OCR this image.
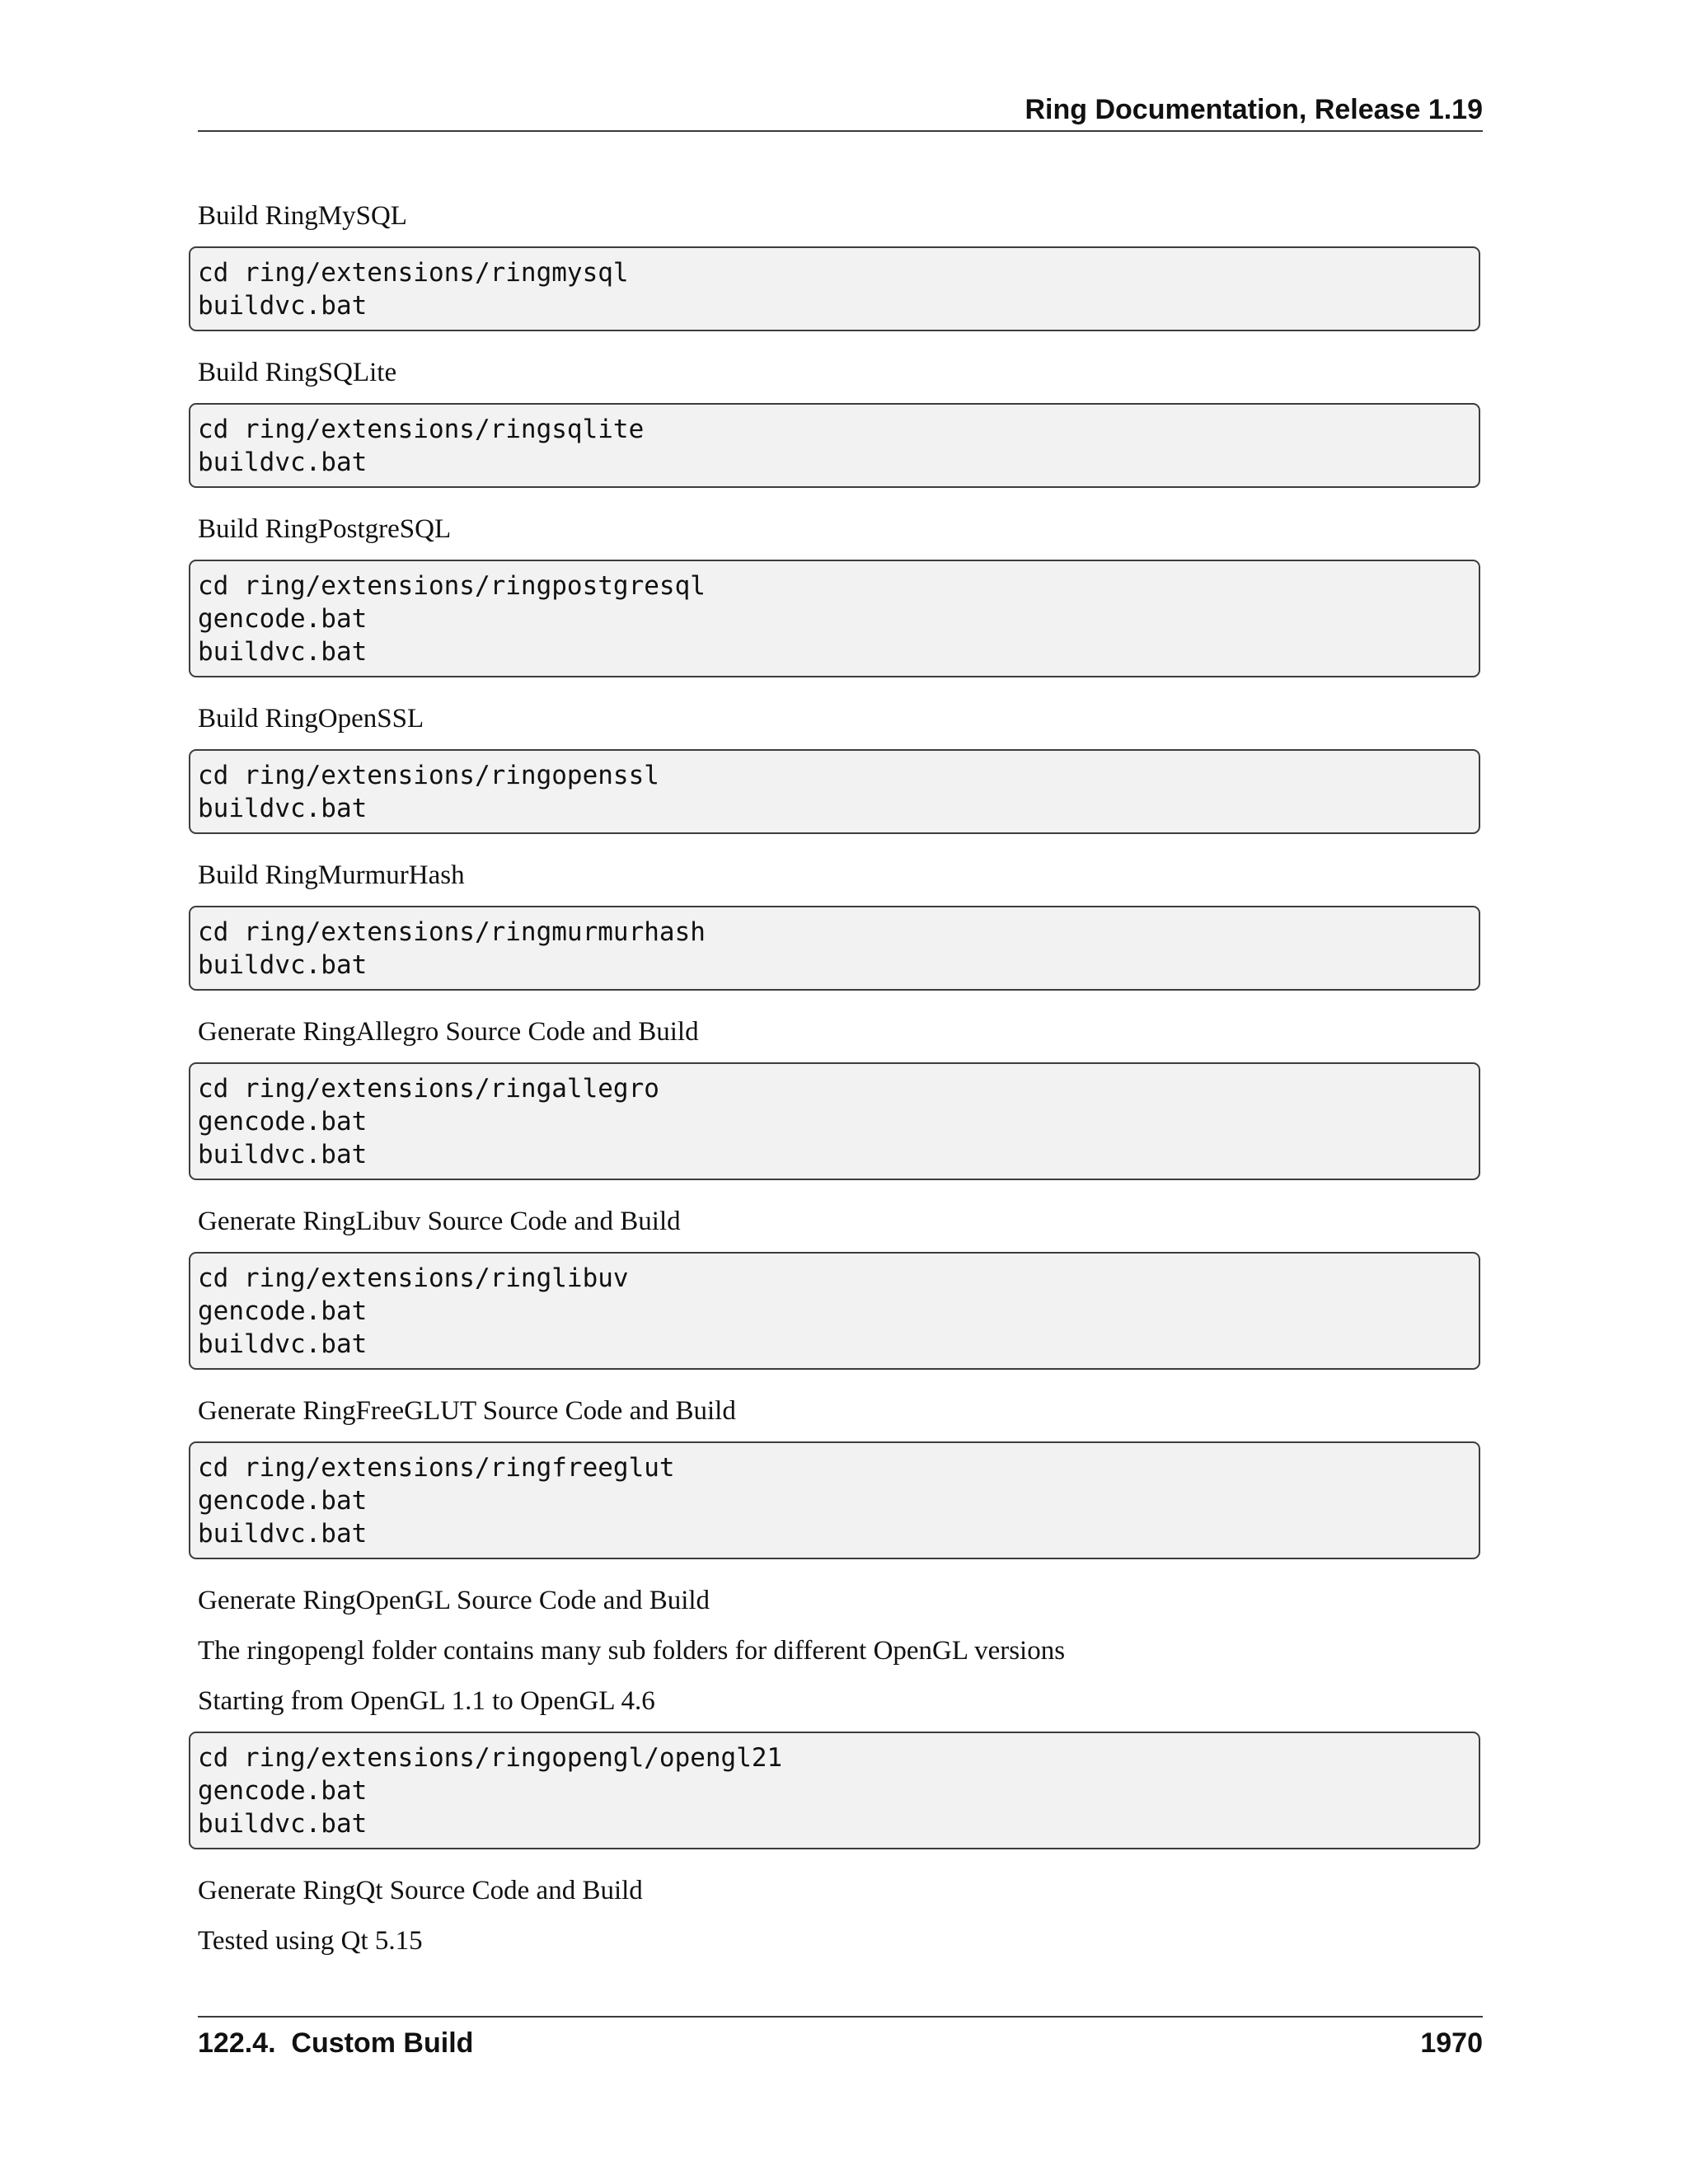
Ring Documentation, Release 1.19

Build RingMySQL

cd ring/extensions/ringmysql
buildvc.bat

Build RingSQLite

cd ring/extensions/ringsqlite
buildvc.bat

Build RingPostgreSQL

cd ring/extensions/ringpostgresql
gencode.bat
buildvc.bat

Build RingOpenSSL

cd ring/extensions/ringopenssl
buildvc.bat

Build RingMurmurHash

cd ring/extensions/ringmurmurhash
buildvc.bat

Generate RingAllegro Source Code and Build

cd ring/extensions/ringallegro
gencode.bat
buildvc.bat

Generate RingLibuv Source Code and Build

cd ring/extensions/ringlibuv
gencode.bat
buildvc.bat

Generate RingFreeGLUT Source Code and Build

cd ring/extensions/ringfreeglut
gencode.bat
buildvc.bat

Generate RingOpenGL Source Code and Build

The ringopengl folder contains many sub folders for different OpenGL versions

Starting from OpenGL 1.1 to OpenGL 4.6

cd ring/extensions/ringopengl/opengl21
gencode.bat
buildvc.bat

Generate RingQt Source Code and Build

Tested using Qt 5.15

122.4.  Custom Build	1970
